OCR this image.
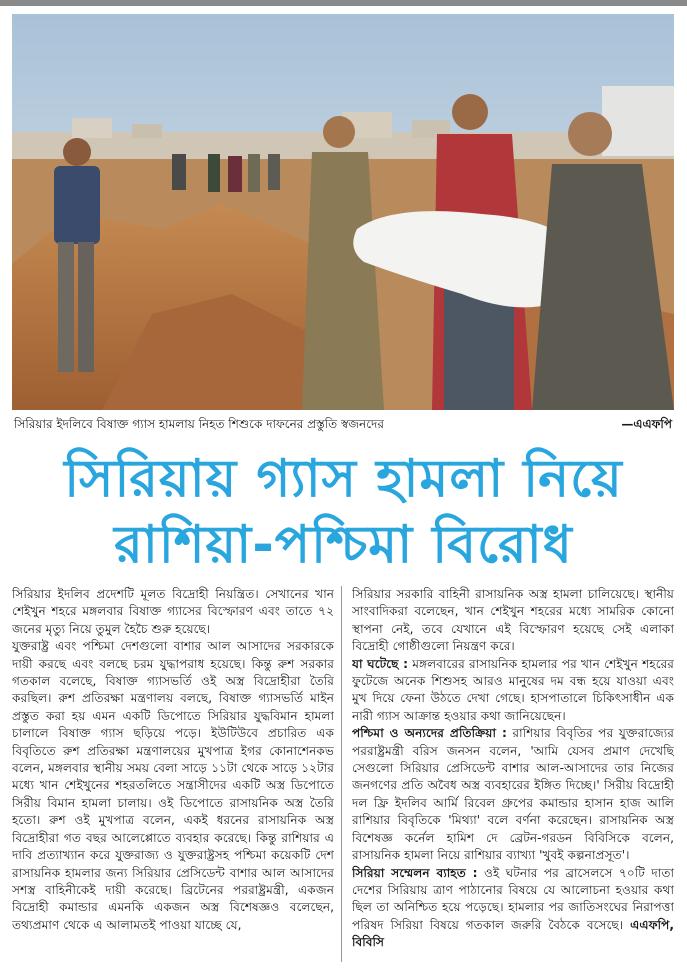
সিরিয়ার ইদলিবে বিষাক্ত গ্যাস হামলায় নিহত শিশুকে দাফনের প্রস্তুতি স্বজনদের	—এএফপি
সিরিয়ায় গ্যাস হামলা নিয়ে
রাশিয়া-পশ্চিমা বিরোধ

সিরিয়ার ইদলিব প্রদেশটি মূলত বিদ্রোহী নিয়ন্ত্রিত। সেখানের খান শেইখুন শহরে মঙ্গলবার বিষাক্ত গ্যাসের বিস্ফোরণ এবং তাতে ৭২ জনের মৃত্যু নিয়ে তুমুল হৈচৈ শুরু হয়েছে।

যুক্তরাষ্ট্র এবং পশ্চিমা দেশগুলো বাশার আল আসাদের সরকারকে দায়ী করছে এবং বলছে চরম যুদ্ধাপরাধ হয়েছে। কিন্তু রুশ সরকার গতকাল বলেছে, বিষাক্ত গ্যাসভর্তি ওই অস্ত্র বিদ্রোহীরা তৈরি করছিল। রুশ প্রতিরক্ষা মন্ত্রণালয় বলছে, বিষাক্ত গ্যাসভর্তি মাইন প্রস্তুত করা হয় এমন একটি ডিপোতে সিরিয়ার যুদ্ধবিমান হামলা চালালে বিষাক্ত গ্যাস ছড়িয়ে পড়ে। ইউটিউবে প্রচারিত এক বিবৃতিতে রুশ প্রতিরক্ষা মন্ত্রণালয়ের মুখপাত্র ইগর কোনাশেনকভ বলেন, মঙ্গলবার স্থানীয় সময় বেলা সাড়ে ১১টা থেকে সাড়ে ১২টার মধ্যে খান শেইখুনের শহরতলিতে সন্ত্রাসীদের একটি অস্ত্র ডিপোতে সিরীয় বিমান হামলা চালায়। ওই ডিপোতে রাসায়নিক অস্ত্র তৈরি হতো। রুশ ওই মুখপাত্র বলেন, একই ধরনের রাসায়নিক অস্ত্র বিদ্রোহীরা গত বছর আলেপ্পোতে ব্যবহার করেছে। কিন্তু রাশিয়ার এ দাবি প্রত্যাখ্যান করে যুক্তরাজ্য ও যুক্তরাষ্ট্রসহ পশ্চিমা কয়েকটি দেশ রাসায়নিক হামলার জন্য সিরিয়ার প্রেসিডেন্ট বাশার আল আসাদের সশস্ত্র বাহিনীকেই দায়ী করেছে। ব্রিটেনের পররাষ্ট্রমন্ত্রী, একজন বিদ্রোহী কমান্ডার এমনকি একজন অস্ত্র বিশেষজ্ঞও বলেছেন, তথ্যপ্রমাণ থেকে এ আলামতই পাওয়া যাচ্ছে যে,

সিরিয়ার সরকারি বাহিনী রাসায়নিক অস্ত্র হামলা চালিয়েছে। স্থানীয় সাংবাদিকরা বলেছেন, খান শেইখুন শহরের মধ্যে সামরিক কোনো স্থাপনা নেই, তবে যেখানে এই বিস্ফোরণ হয়েছে সেই এলাকা বিদ্রোহী গোষ্ঠীগুলো নিয়ন্ত্রণ করে।

যা ঘটেছে : মঙ্গলবারের রাসায়নিক হামলার পর খান শেইখুন শহরের ফুটেজে অনেক শিশুসহ আরও মানুষের দম বন্ধ হয়ে যাওয়া এবং মুখ দিয়ে ফেনা উঠতে দেখা গেছে। হাসপাতালে চিকিৎসাধীন এক নারী গ্যাস আক্রান্ত হওয়ার কথা জানিয়েছেন।

পশ্চিমা ও অন্যদের প্রতিক্রিয়া : রাশিয়ার বিবৃতির পর যুক্তরাজ্যের পররাষ্ট্রমন্ত্রী বরিস জনসন বলেন, 'আমি যেসব প্রমাণ দেখেছি সেগুলো সিরিয়ার প্রেসিডেন্ট বাশার আল-আসাদের তার নিজের জনগণের প্রতি অবৈধ অস্ত্র ব্যবহারের ইঙ্গিত দিচ্ছে।' সিরীয় বিদ্রোহী দল ফ্রি ইদলিব আর্মি রিবেল গ্রুপের কমান্ডার হাসান হাজ আলি রাশিয়ার বিবৃতিকে 'মিথ্যা' বলে বর্ণনা করেছেন। রাসায়নিক অস্ত্র বিশেষজ্ঞ কর্নেল হামিশ দে ব্রেটন-গরডন বিবিসিকে বলেন, রাসায়নিক হামলা নিয়ে রাশিয়ার ব্যাখ্যা 'খুবই কল্পনাপ্রসূত'।

সিরিয়া সম্মেলন ব্যাহত : ওই ঘটনার পর ব্রাসেলসে ৭০টি দাতা দেশের সিরিয়ায় ত্রাণ পাঠানোর বিষয়ে যে আলোচনা হওয়ার কথা ছিল তা অনিশ্চিত হয়ে পড়েছে। হামলার পর জাতিসংঘের নিরাপত্তা পরিষদ সিরিয়া বিষয়ে গতকাল জরুরি বৈঠকে বসেছে। এএফপি, বিবিসি
